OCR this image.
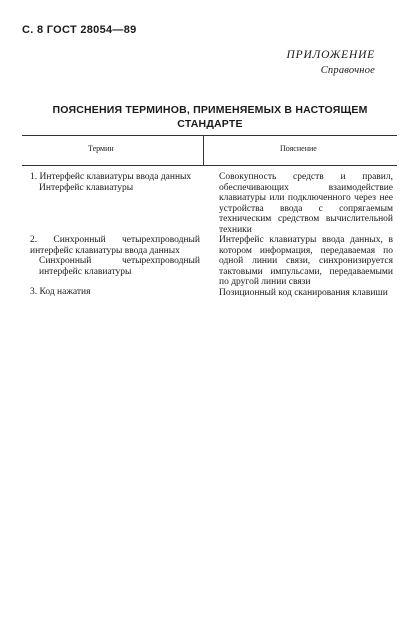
С. 8 ГОСТ 28054—89
ПРИЛОЖЕНИЕ
Справочное
ПОЯСНЕНИЯ ТЕРМИНОВ, ПРИМЕНЯЕМЫХ В НАСТОЯЩЕМ
СТАНДАРТЕ
Термин	Пояснение
1. Интерфейс клавиатуры ввода данных
Интерфейс клавиатуры
2. Синхронный четырехпроводный интерфейс клавиатуры ввода данных
Синхронный четырехпроводный интерфейс клавиатуры
3. Код нажатия
Совокупность средств и правил, обеспечивающих взаимодействие клавиатуры или подключенного через нее устройства ввода с сопрягаемым техническим средством вычислительной техники
Интерфейс клавиатуры ввода данных, в котором информация, передаваемая по одной линии связи, синхронизируется тактовыми импульсами, передаваемыми по другой линии связи
Позиционный код сканирования клавиши
